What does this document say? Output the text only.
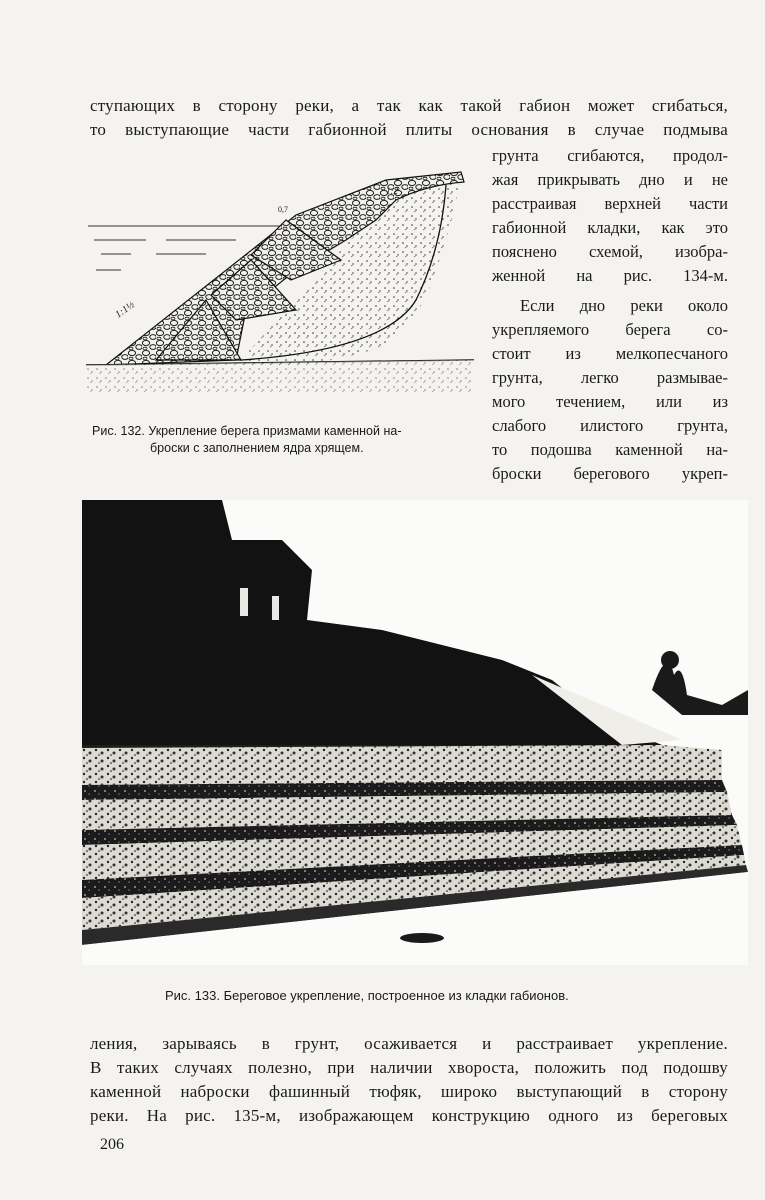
ступающих в сторону реки, а так как такой габион может сгибаться,
то выступающие части габионной плиты основания в случае подмыва
1:1½
1:2
0,7
грунта сгибаются, продол-
жая прикрывать дно и не
расстраивая верхней части
габионной кладки, как это
пояснено схемой, изобра-
женной на рис. 134-м.
Если дно реки около
укрепляемого берега со-
стоит из мелкопесчаного
грунта, легко размывае-
мого течением, или из
слабого илистого грунта,
то подошва каменной на-
броски берегового укреп-
Рис. 132. Укрепление берега призмами каменной на-
броски с заполнением ядра хрящем.
Рис. 133. Береговое укрепление, построенное из кладки габионов.
ления, зарываясь в грунт, осаживается и расстраивает укрепление.
В таких случаях полезно, при наличии хвороста, положить под подошву
каменной наброски фашинный тюфяк, широко выступающий в сторону
реки. На рис. 135-м, изображающем конструкцию одного из береговых
206
